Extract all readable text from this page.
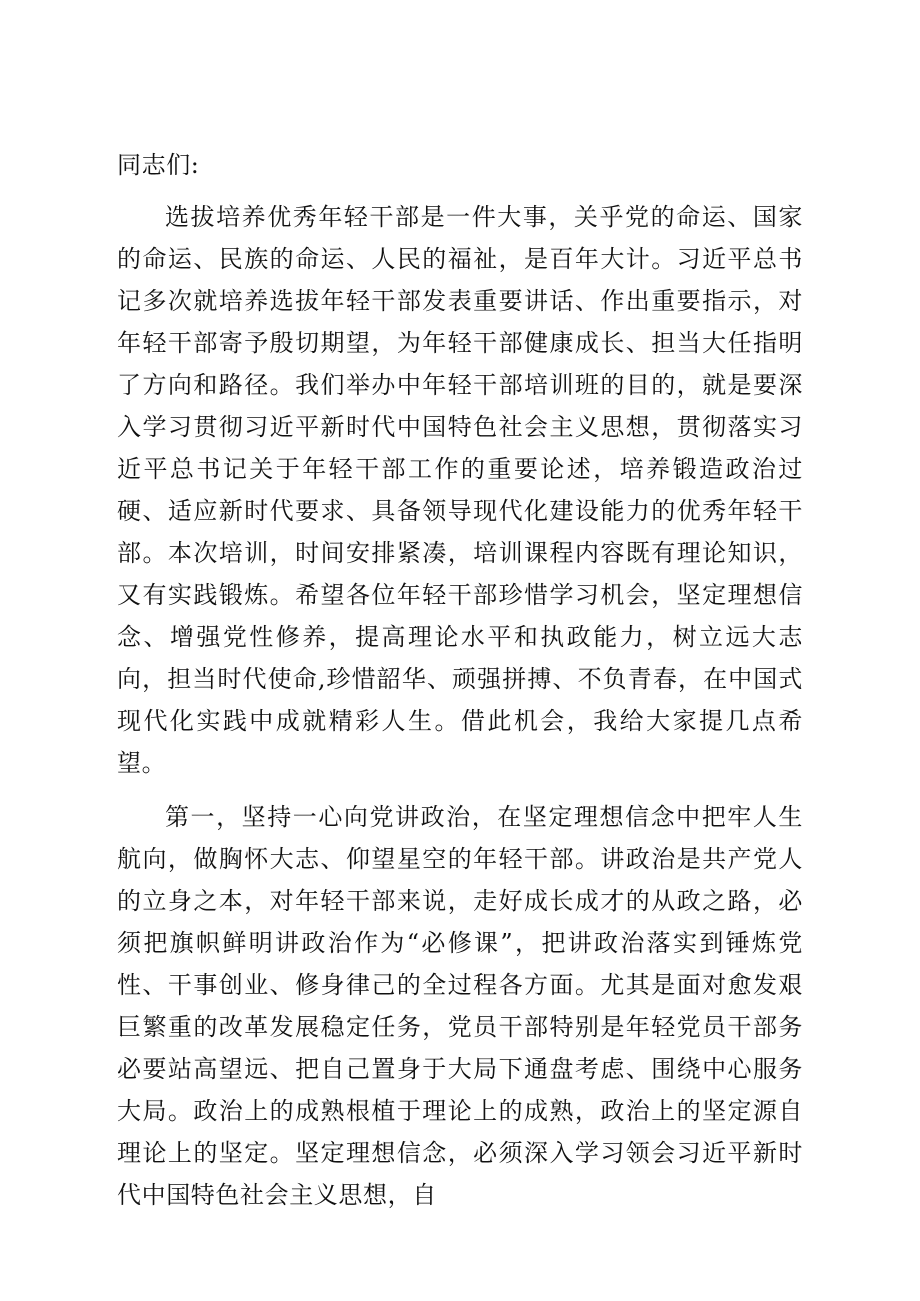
同志们:

选拔培养优秀年轻干部是一件大事，关乎党的命运、国家的命运、民族的命运、人民的福祉，是百年大计。习近平总书记多次就培养选拔年轻干部发表重要讲话、作出重要指示，对年轻干部寄予殷切期望，为年轻干部健康成长、担当大任指明了方向和路径。我们举办中年轻干部培训班的目的，就是要深入学习贯彻习近平新时代中国特色社会主义思想，贯彻落实习近平总书记关于年轻干部工作的重要论述，培养锻造政治过硬、适应新时代要求、具备领导现代化建设能力的优秀年轻干部。本次培训，时间安排紧凑，培训课程内容既有理论知识，又有实践锻炼。希望各位年轻干部珍惜学习机会，坚定理想信念、增强党性修养，提高理论水平和执政能力，树立远大志向，担当时代使命,珍惜韶华、顽强拼搏、不负青春，在中国式现代化实践中成就精彩人生。借此机会，我给大家提几点希望。

第一，坚持一心向党讲政治，在坚定理想信念中把牢人生航向，做胸怀大志、仰望星空的年轻干部。讲政治是共产党人的立身之本，对年轻干部来说，走好成长成才的从政之路，必须把旗帜鲜明讲政治作为“必修课”，把讲政治落实到锤炼党性、干事创业、修身律己的全过程各方面。尤其是面对愈发艰巨繁重的改革发展稳定任务，党员干部特别是年轻党员干部务必要站高望远、把自己置身于大局下通盘考虑、围绕中心服务大局。政治上的成熟根植于理论上的成熟，政治上的坚定源自理论上的坚定。坚定理想信念，必须深入学习领会习近平新时代中国特色社会主义思想，自
